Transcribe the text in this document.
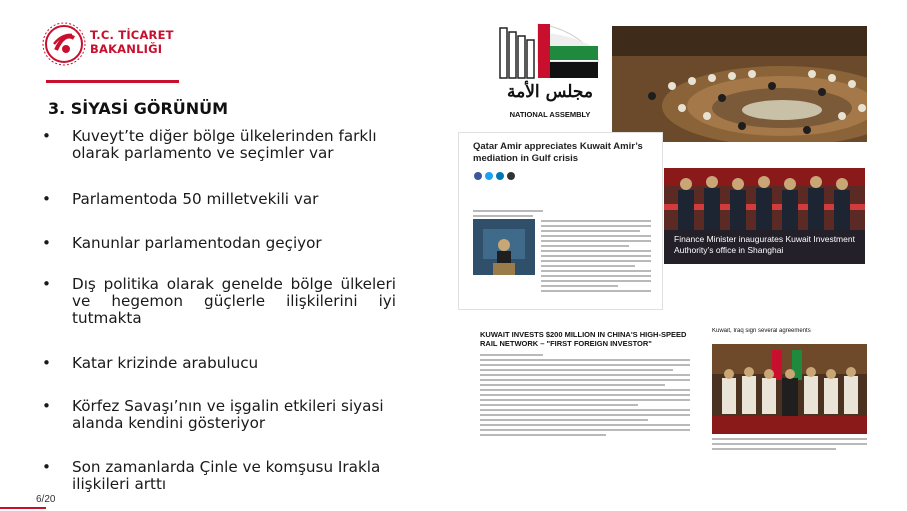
T.C. TİCARET
BAKANLIĞI
3. SİYASİ GÖRÜNÜM
•	Kuveyt’te diğer bölge ülkelerinden farklı olarak parlamento ve seçimler var
•	Parlamentoda 50 milletvekili var
•	Kanunlar parlamentodan geçiyor
•	Dış politika olarak genelde bölge ülkeleri ve hegemon güçlerle ilişkilerini iyi tutmakta
•	Katar krizinde arabulucu
•	Körfez Savaşı’nın ve işgalin etkileri siyasi alanda kendini gösteriyor
•	Son zamanlarda Çinle ve komşusu Irakla ilişkileri arttı
6/20
مجلس الأمة
NATIONAL ASSEMBLY
Qatar Amir appreciates Kuwait Amir’s mediation in Gulf crisis
Finance Minister inaugurates Kuwait Investment Authority’s office in Shanghai
KUWAIT INVESTS $200 MILLION IN CHINA'S HIGH-SPEED RAIL NETWORK – "FIRST FOREIGN INVESTOR"
Kuwait, Iraq sign several agreements
